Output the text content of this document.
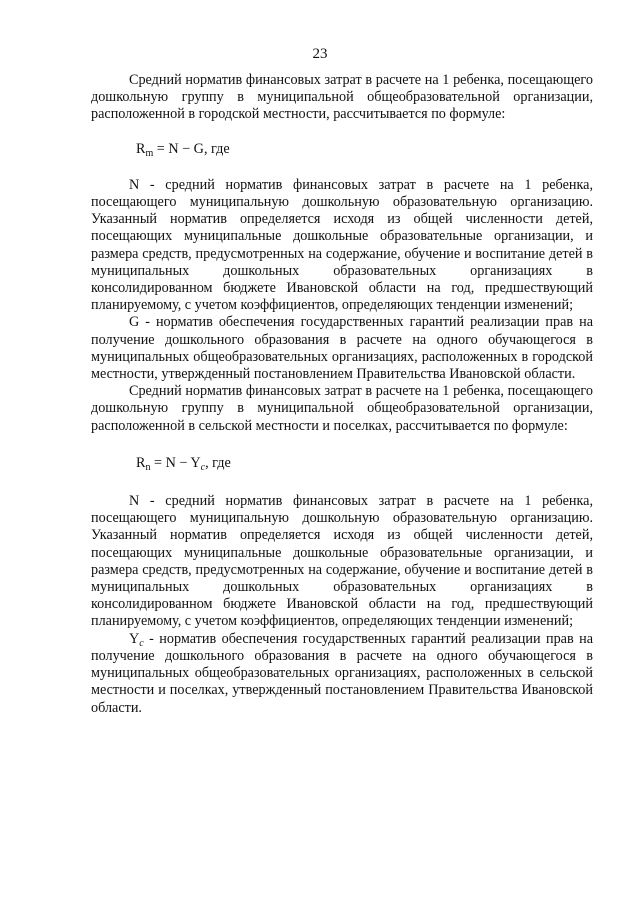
23

Средний норматив финансовых затрат в расчете на 1 ребенка, посещающего дошкольную группу в муниципальной общеобразовательной организации, расположенной в городской местности, рассчитывается по формуле:

$R_m = N - G$, где

N - средний норматив финансовых затрат в расчете на 1 ребенка, посещающего муниципальную дошкольную образовательную организацию. Указанный норматив определяется исходя из общей численности детей, посещающих муниципальные дошкольные образовательные организации, и размера средств, предусмотренных на содержание, обучение и воспитание детей в муниципальных дошкольных образовательных организациях в консолидированном бюджете Ивановской области на год, предшествующий планируемому, с учетом коэффициентов, определяющих тенденции изменений;

G - норматив обеспечения государственных гарантий реализации прав на получение дошкольного образования в расчете на одного обучающегося в муниципальных общеобразовательных организациях, расположенных в городской местности, утвержденный постановлением Правительства Ивановской области.

Средний норматив финансовых затрат в расчете на 1 ребенка, посещающего дошкольную группу в муниципальной общеобразовательной организации, расположенной в сельской местности и поселках, рассчитывается по формуле:

$R_n = N - Y_c$, где

N - средний норматив финансовых затрат в расчете на 1 ребенка, посещающего муниципальную дошкольную образовательную организацию. Указанный норматив определяется исходя из общей численности детей, посещающих муниципальные дошкольные образовательные организации, и размера средств, предусмотренных на содержание, обучение и воспитание детей в муниципальных дошкольных образовательных организациях в консолидированном бюджете Ивановской области на год, предшествующий планируемому, с учетом коэффициентов, определяющих тенденции изменений;

$Y_c$ - норматив обеспечения государственных гарантий реализации прав на получение дошкольного образования в расчете на одного обучающегося в муниципальных общеобразовательных организациях, расположенных в сельской местности и поселках, утвержденный постановлением Правительства Ивановской области.
